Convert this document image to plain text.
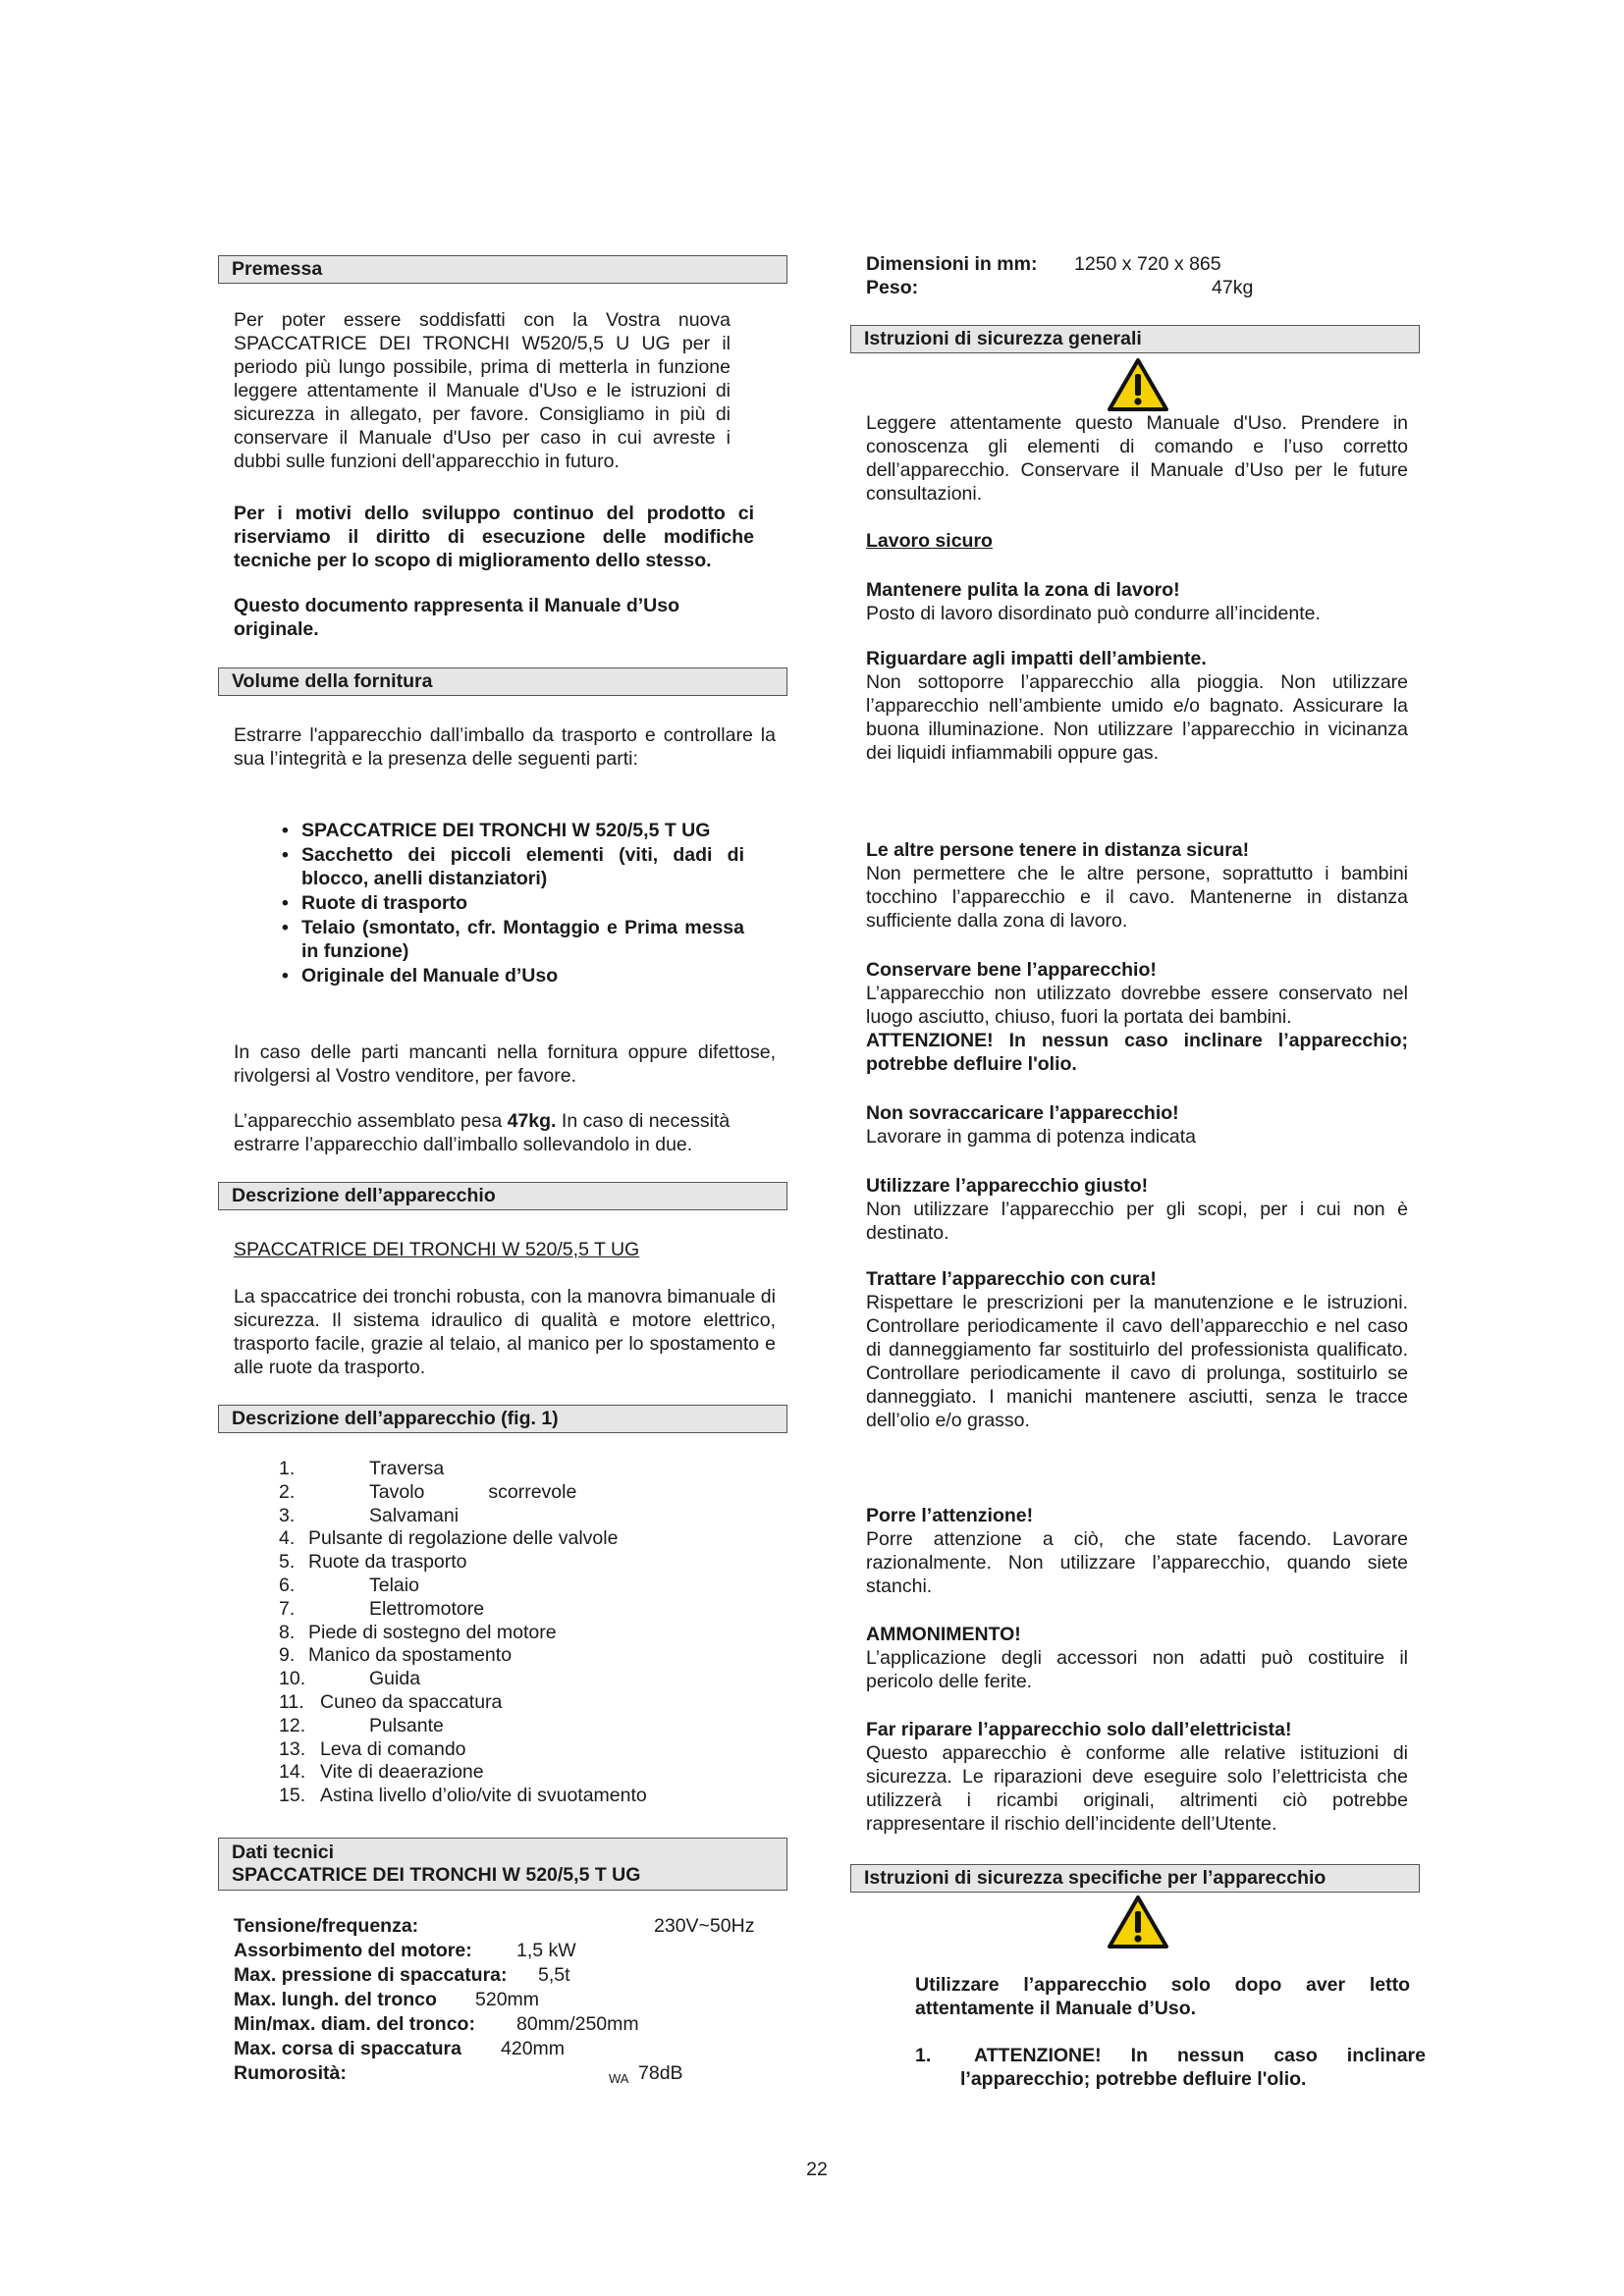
Premessa

Per poter essere soddisfatti con la Vostra nuova SPACCATRICE DEI TRONCHI W520/5,5 U UG per il periodo più lungo possibile, prima di metterla in funzione leggere attentamente il Manuale d'Uso e le istruzioni di sicurezza in allegato, per favore. Consigliamo in più di conservare il Manuale d'Uso per caso in cui avreste i dubbi sulle funzioni dell'apparecchio in futuro.

Per i motivi dello sviluppo continuo del prodotto ci riserviamo il diritto di esecuzione delle modifiche tecniche per lo scopo di miglioramento dello stesso.

Questo documento rappresenta il Manuale d’Uso originale.

Volume della fornitura

Estrarre l'apparecchio dall’imballo da trasporto e controllare la sua l’integrità e la presenza delle seguenti parti:

• SPACCATRICE DEI TRONCHI W 520/5,5 T UG
• Sacchetto dei piccoli elementi (viti, dadi di blocco, anelli distanziatori)
• Ruote di trasporto
• Telaio (smontato, cfr. Montaggio e Prima messa in funzione)
• Originale del Manuale d’Uso

In caso delle parti mancanti nella fornitura oppure difettose, rivolgersi al Vostro venditore, per favore.

L’apparecchio assemblato pesa 47kg. In caso di necessità estrarre l’apparecchio dall’imballo sollevandolo in due.

Descrizione dell’apparecchio

SPACCATRICE DEI TRONCHI W 520/5,5 T UG

La spaccatrice dei tronchi robusta, con la manovra bimanuale di sicurezza. Il sistema idraulico di qualità e motore elettrico, trasporto facile, grazie al telaio, al manico per lo spostamento e alle ruote da trasporto.

Descrizione dell’apparecchio (fig. 1)
1.	Traversa
2.	Tavolo            scorrevole
3.	Salvamani
4. Pulsante di regolazione delle valvole
5. Ruote da trasporto
6.	Telaio
7.	Elettromotore
8. Piede di sostegno del motore
9. Manico da spostamento
10.	Guida
11. Cuneo da spaccatura
12.	Pulsante
13. Leva di comando
14. Vite di deaerazione
15. Astina livello d’olio/vite di svuotamento
Dati tecnici
SPACCATRICE DEI TRONCHI W 520/5,5 T UG
Tensione/frequenza:	230V~50Hz
Assorbimento del motore: 1,5 kW
Max. pressione di spaccatura: 5,5t
Max. lungh. del tronco 520mm
Min/max. diam. del tronco: 80mm/250mm
Max. corsa di spaccatura 420mm
Rumorosità:	WA 78dB
Dimensioni in mm: 1250 x 720 x 865
Peso:	47kg
Istruzioni di sicurezza generali

Leggere attentamente questo Manuale d'Uso. Prendere in conoscenza gli elementi di comando e l’uso corretto dell’apparecchio. Conservare il Manuale d’Uso per le future consultazioni.

Lavoro sicuro

Mantenere pulita la zona di lavoro!
Posto di lavoro disordinato può condurre all’incidente.
Riguardare agli impatti dell’ambiente.
Non sottoporre l’apparecchio alla pioggia. Non utilizzare l’apparecchio nell’ambiente umido e/o bagnato. Assicurare la buona illuminazione. Non utilizzare l’apparecchio in vicinanza dei liquidi infiammabili oppure gas.
Le altre persone tenere in distanza sicura!
Non permettere che le altre persone, soprattutto i bambini tocchino l’apparecchio e il cavo. Mantenerne in distanza sufficiente dalla zona di lavoro.
Conservare bene l’apparecchio!
L’apparecchio non utilizzato dovrebbe essere conservato nel luogo asciutto, chiuso, fuori la portata dei bambini.
ATTENZIONE! In nessun caso inclinare l’apparecchio; potrebbe defluire l'olio.
Non sovraccaricare l’apparecchio!
Lavorare in gamma di potenza indicata
Utilizzare l’apparecchio giusto!
Non utilizzare l’apparecchio per gli scopi, per i cui non è destinato.
Trattare l’apparecchio con cura!
Rispettare le prescrizioni per la manutenzione e le istruzioni. Controllare periodicamente il cavo dell’apparecchio e nel caso di danneggiamento far sostituirlo del professionista qualificato. Controllare periodicamente il cavo di prolunga, sostituirlo se danneggiato. I manichi mantenere asciutti, senza le tracce dell’olio e/o grasso.
Porre l’attenzione!
Porre attenzione a ciò, che state facendo. Lavorare razionalmente. Non utilizzare l’apparecchio, quando siete stanchi.
AMMONIMENTO!
L’applicazione degli accessori non adatti può costituire il pericolo delle ferite.
Far riparare l’apparecchio solo dall’elettricista!
Questo apparecchio è conforme alle relative istituzioni di sicurezza. Le riparazioni deve eseguire solo l’elettricista che utilizzerà i ricambi originali, altrimenti ciò potrebbe rappresentare il rischio dell’incidente dell’Utente.
Istruzioni di sicurezza specifiche per l’apparecchio

Utilizzare l’apparecchio solo dopo aver letto attentamente il Manuale d’Uso.

1.	ATTENZIONE! In nessun caso inclinare l’apparecchio; potrebbe defluire l'olio.
22
